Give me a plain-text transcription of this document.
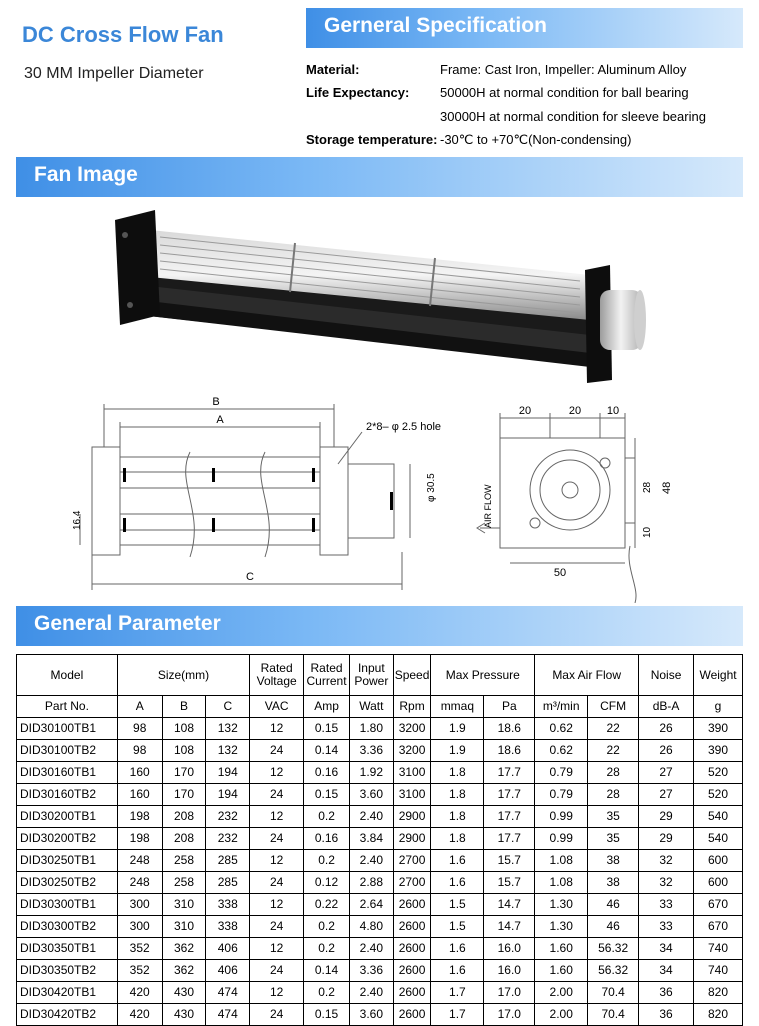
DC Cross Flow Fan
30 MM Impeller Diameter
Gerneral Specification
Material:	Frame: Cast Iron, Impeller: Aluminum Alloy
Life Expectancy: 50000H at normal condition for ball bearing
30000H at normal condition for sleeve bearing
Storage temperature: -30℃ to +70℃(Non-condensing)
Fan Image
B
A
C
2*8– φ 2.5 hole
16.4
φ 30.5
20	20 10
28 48
10
50
AIR FLOW
General Parameter
Model	Size(mm)			Rated Voltage	Rated Current	Input Power	Speed	Max Pressure		Max Air Flow		Noise	Weight
Part No.	A	B	C	VAC	Amp	Watt	Rpm	mmaq	Pa	m³/min	CFM	dB-A	g
DID30100TB1	98	108	132	12	0.15	1.80	3200	1.9	18.6	0.62	22	26	390
DID30100TB2	98	108	132	24	0.14	3.36	3200	1.9	18.6	0.62	22	26	390
DID30160TB1	160	170	194	12	0.16	1.92	3100	1.8	17.7	0.79	28	27	520
DID30160TB2	160	170	194	24	0.15	3.60	3100	1.8	17.7	0.79	28	27	520
DID30200TB1	198	208	232	12	0.2	2.40	2900	1.8	17.7	0.99	35	29	540
DID30200TB2	198	208	232	24	0.16	3.84	2900	1.8	17.7	0.99	35	29	540
DID30250TB1	248	258	285	12	0.2	2.40	2700	1.6	15.7	1.08	38	32	600
DID30250TB2	248	258	285	24	0.12	2.88	2700	1.6	15.7	1.08	38	32	600
DID30300TB1	300	310	338	12	0.22	2.64	2600	1.5	14.7	1.30	46	33	670
DID30300TB2	300	310	338	24	0.2	4.80	2600	1.5	14.7	1.30	46	33	670
DID30350TB1	352	362	406	12	0.2	2.40	2600	1.6	16.0	1.60	56.32	34	740
DID30350TB2	352	362	406	24	0.14	3.36	2600	1.6	16.0	1.60	56.32	34	740
DID30420TB1	420	430	474	12	0.2	2.40	2600	1.7	17.0	2.00	70.4	36	820
DID30420TB2	420	430	474	24	0.15	3.60	2600	1.7	17.0	2.00	70.4	36	820
